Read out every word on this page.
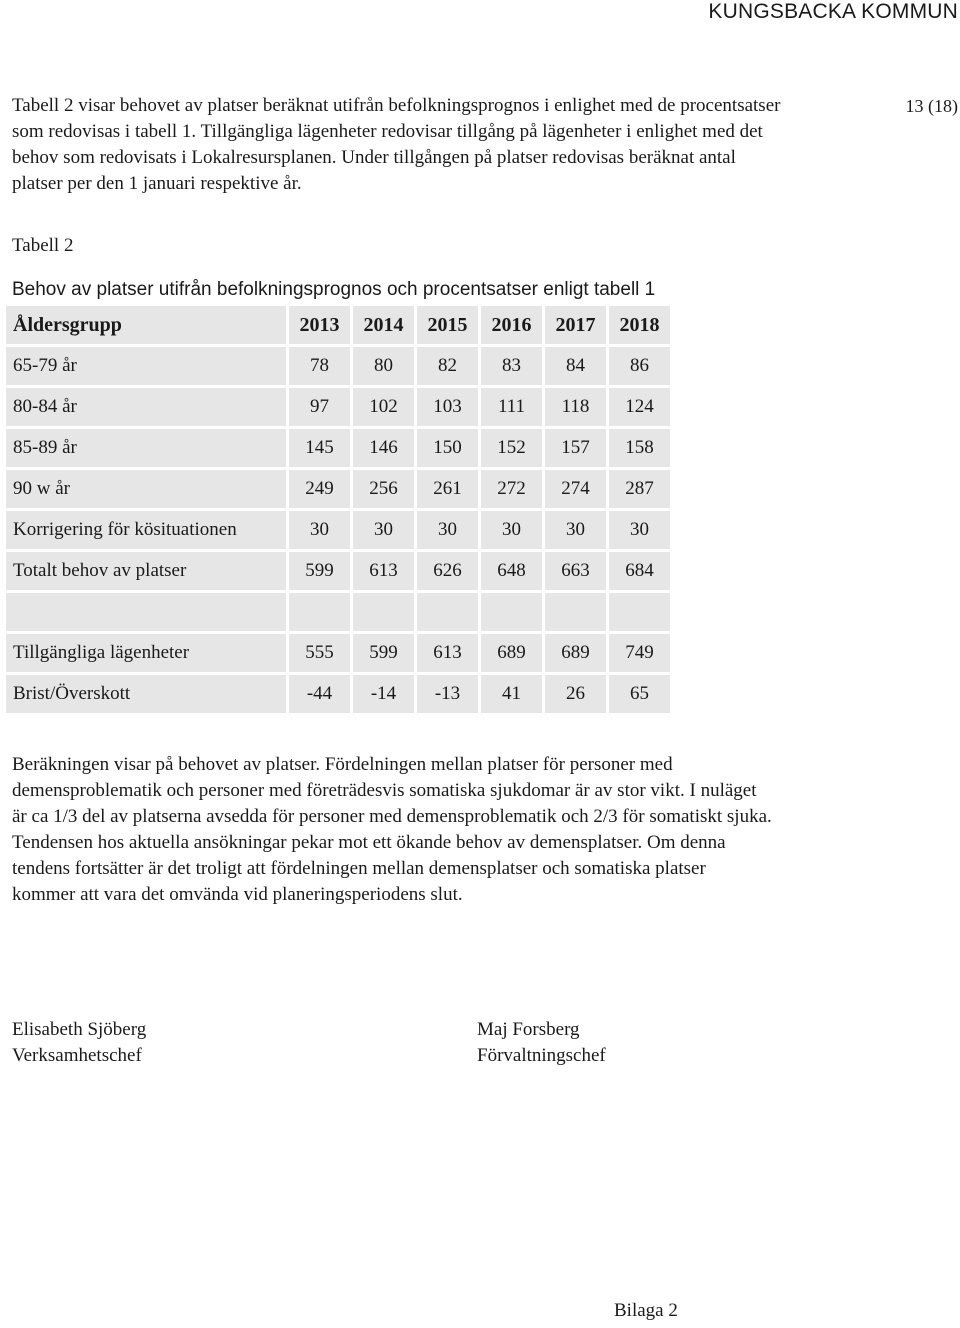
KUNGSBACKA KOMMUN
13 (18)

Tabell 2 visar behovet av platser beräknat utifrån befolkningsprognos i enlighet med de procentsatser som redovisas i tabell 1. Tillgängliga lägenheter redovisar tillgång på lägenheter i enlighet med det behov som redovisats i Lokalresursplanen. Under tillgången på platser redovisas beräknat antal platser per den 1 januari respektive år.

Tabell 2
Behov av platser utifrån befolkningsprognos och procentsatser enligt tabell 1
Åldersgrupp	2013	2014	2015	2016	2017	2018
65-79 år	78	80	82	83	84	86
80-84 år	97	102	103	111	118	124
85-89 år	145	146	150	152	157	158
90 w år	249	256	261	272	274	287
Korrigering för kösituationen	30	30	30	30	30	30
Totalt behov av platser	599	613	626	648	663	684

Tillgängliga lägenheter	555	599	613	689	689	749
Brist/Överskott	-44	-14	-13	41	26	65

Beräkningen visar på behovet av platser. Fördelningen mellan platser för personer med demensproblematik och personer med företrädesvis somatiska sjukdomar är av stor vikt. I nuläget är ca 1/3 del av platserna avsedda för personer med demensproblematik och 2/3 för somatiskt sjuka. Tendensen hos aktuella ansökningar pekar mot ett ökande behov av demensplatser. Om denna tendens fortsätter är det troligt att fördelningen mellan demensplatser och somatiska platser kommer att vara det omvända vid planeringsperiodens slut.

Elisabeth Sjöberg
Verksamhetschef
Maj Forsberg
Förvaltningschef
Bilaga 2
